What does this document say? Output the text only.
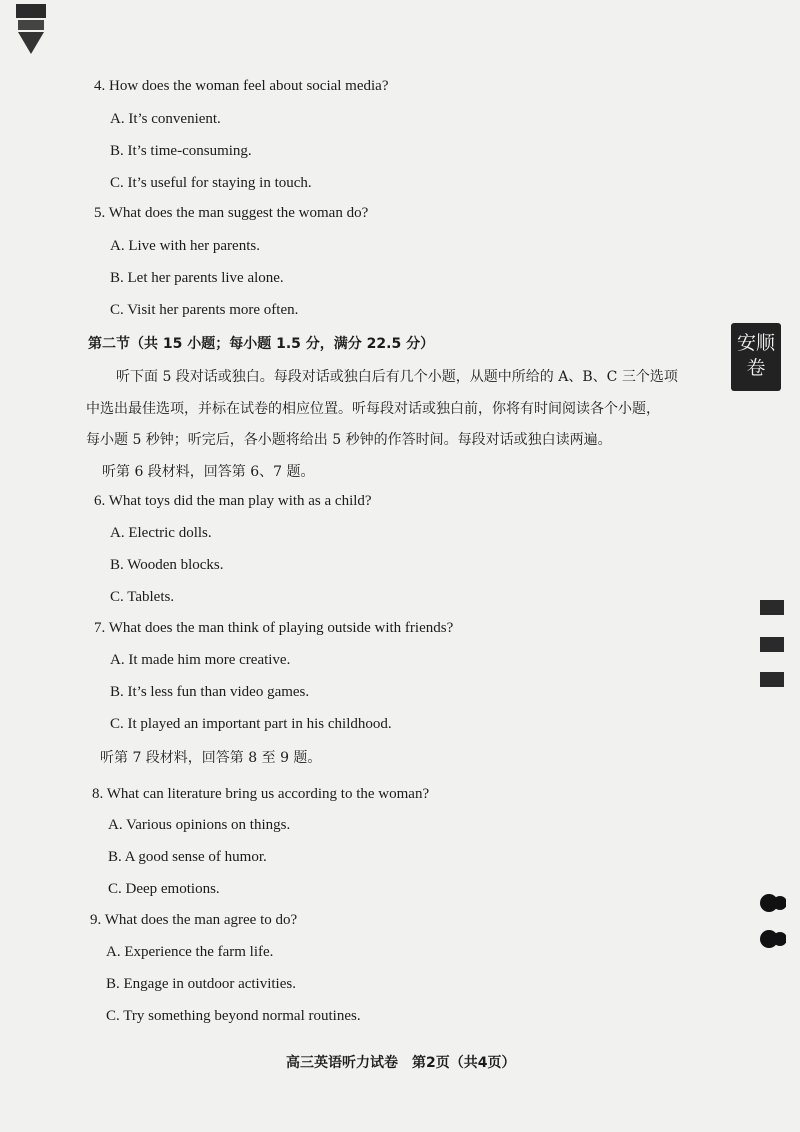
4. How does the woman feel about social media?
A. It’s convenient.
B. It’s time-consuming.
C. It’s useful for staying in touch.
5. What does the man suggest the woman do?
A. Live with her parents.
B. Let her parents live alone.
C. Visit her parents more often.
第二节（共 15 小题；每小题 1.5 分，满分 22.5 分）
听下面 5 段对话或独白。每段对话或独白后有几个小题，从题中所给的 A、B、C 三个选项
中选出最佳选项，并标在试卷的相应位置。听每段对话或独白前，你将有时间阅读各个小题，
每小题 5 秒钟；听完后，各小题将给出 5 秒钟的作答时间。每段对话或独白读两遍。
听第 6 段材料，回答第 6、7 题。
6. What toys did the man play with as a child?
A. Electric dolls.
B. Wooden blocks.
C. Tablets.
7. What does the man think of playing outside with friends?
A. It made him more creative.
B. It’s less fun than video games.
C. It played an important part in his childhood.
听第 7 段材料，回答第 8 至 9 题。
8. What can literature bring us according to the woman?
A. Various opinions on things.
B. A good sense of humor.
C. Deep emotions.
9. What does the man agree to do?
A. Experience the farm life.
B. Engage in outdoor activities.
C. Try something beyond normal routines.
高三英语听力试卷　第2页（共4页）
安顺
卷
